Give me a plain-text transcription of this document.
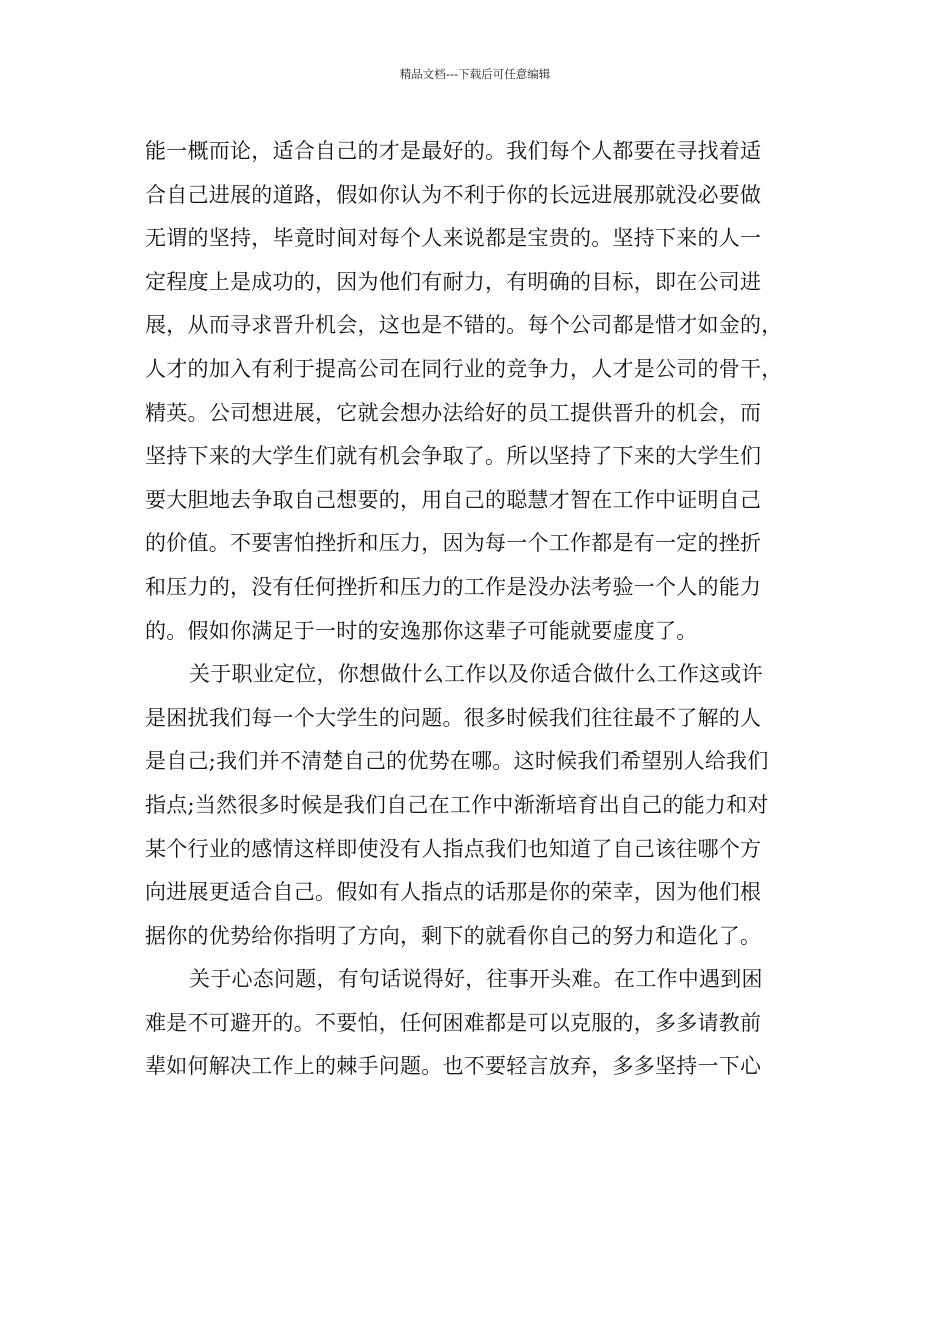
精品文档---下载后可任意编辑
能一概而论，适合自己的才是最好的。我们每个人都要在寻找着适
合自己进展的道路，假如你认为不利于你的长远进展那就没必要做
无谓的坚持，毕竟时间对每个人来说都是宝贵的。坚持下来的人一
定程度上是成功的，因为他们有耐力，有明确的目标，即在公司进
展，从而寻求晋升机会，这也是不错的。每个公司都是惜才如金的，
人才的加入有利于提高公司在同行业的竞争力，人才是公司的骨干，
精英。公司想进展，它就会想办法给好的员工提供晋升的机会，而
坚持下来的大学生们就有机会争取了。所以坚持了下来的大学生们
要大胆地去争取自己想要的，用自己的聪慧才智在工作中证明自己
的价值。不要害怕挫折和压力，因为每一个工作都是有一定的挫折
和压力的，没有任何挫折和压力的工作是没办法考验一个人的能力
的。假如你满足于一时的安逸那你这辈子可能就要虚度了。
关于职业定位，你想做什么工作以及你适合做什么工作这或许
是困扰我们每一个大学生的问题。很多时候我们往往最不了解的人
是自己;我们并不清楚自己的优势在哪。这时候我们希望别人给我们
指点;当然很多时候是我们自己在工作中渐渐培育出自己的能力和对
某个行业的感情这样即使没有人指点我们也知道了自己该往哪个方
向进展更适合自己。假如有人指点的话那是你的荣幸，因为他们根
据你的优势给你指明了方向，剩下的就看你自己的努力和造化了。
关于心态问题，有句话说得好，往事开头难。在工作中遇到困
难是不可避开的。不要怕，任何困难都是可以克服的，多多请教前
辈如何解决工作上的棘手问题。也不要轻言放弃，多多坚持一下心
